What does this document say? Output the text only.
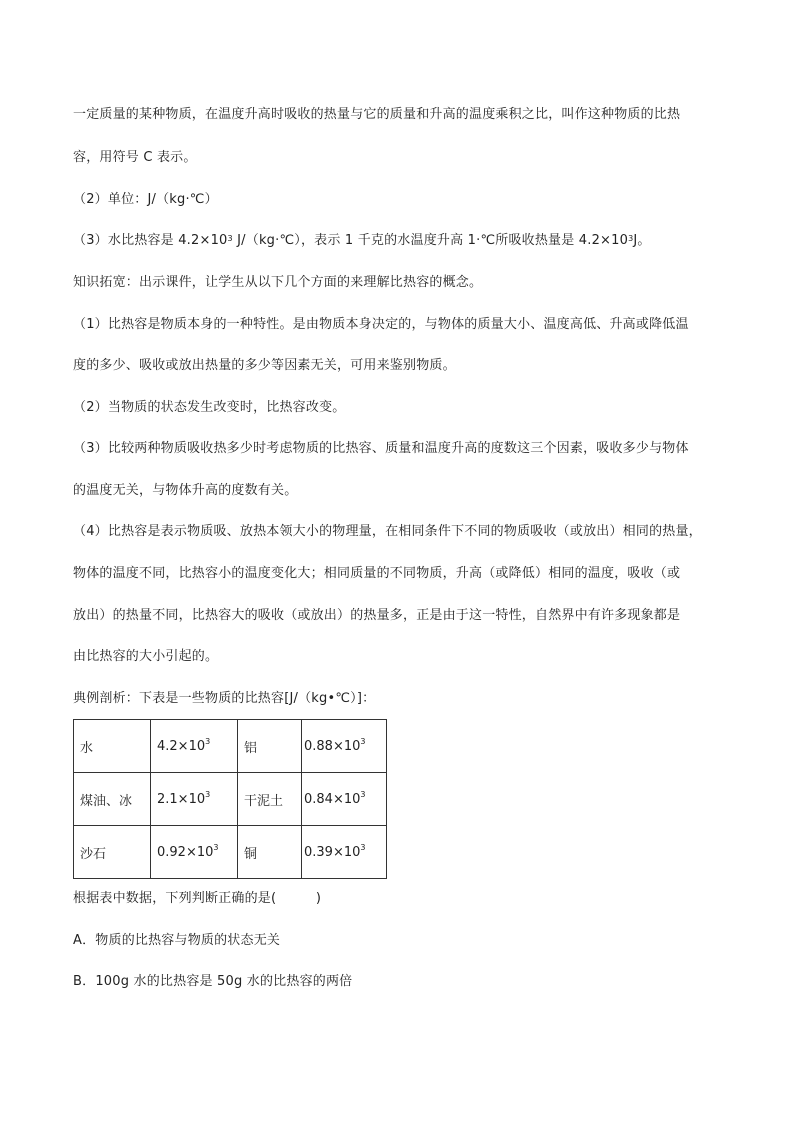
一定质量的某种物质，在温度升高时吸收的热量与它的质量和升高的温度乘积之比，叫作这种物质的比热
容，用符号 C 表示。
（2）单位：J/（kg·℃）
（3）水比热容是 $4.2\times 10^3$ J/（kg·℃），表示 1 千克的水温度升高 1·℃所吸收热量是 $4.2\times 10^3J$。
知识拓宽：出示课件，让学生从以下几个方面的来理解比热容的概念。
（1）比热容是物质本身的一种特性。是由物质本身决定的，与物体的质量大小、温度高低、升高或降低温
度的多少、吸收或放出热量的多少等因素无关，可用来鉴别物质。
（2）当物质的状态发生改变时，比热容改变。
（3）比较两种物质吸收热多少时考虑物质的比热容、质量和温度升高的度数这三个因素，吸收多少与物体
的温度无关，与物体升高的度数有关。
（4）比热容是表示物质吸、放热本领大小的物理量，在相同条件下不同的物质吸收（或放出）相同的热量，
物体的温度不同，比热容小的温度变化大；相同质量的不同物质，升高（或降低）相同的温度，吸收（或
放出）的热量不同，比热容大的吸收（或放出）的热量多，正是由于这一特性，自然界中有许多现象都是
由比热容的大小引起的。
典例剖析：下表是一些物质的比热容[J/（kg•℃）]：
水	$4.2\times 10^3$	铝	$0.88\times 10^3$
煤油、冰	$2.1\times 10^3$	干泥土	$0.84\times 10^3$
沙石	$0.92\times 10^3$	铜	$0.39\times 10^3$
根据表中数据，下列判断正确的是(　　　)
A．物质的比热容与物质的状态无关
B．100g 水的比热容是 50g 水的比热容的两倍
